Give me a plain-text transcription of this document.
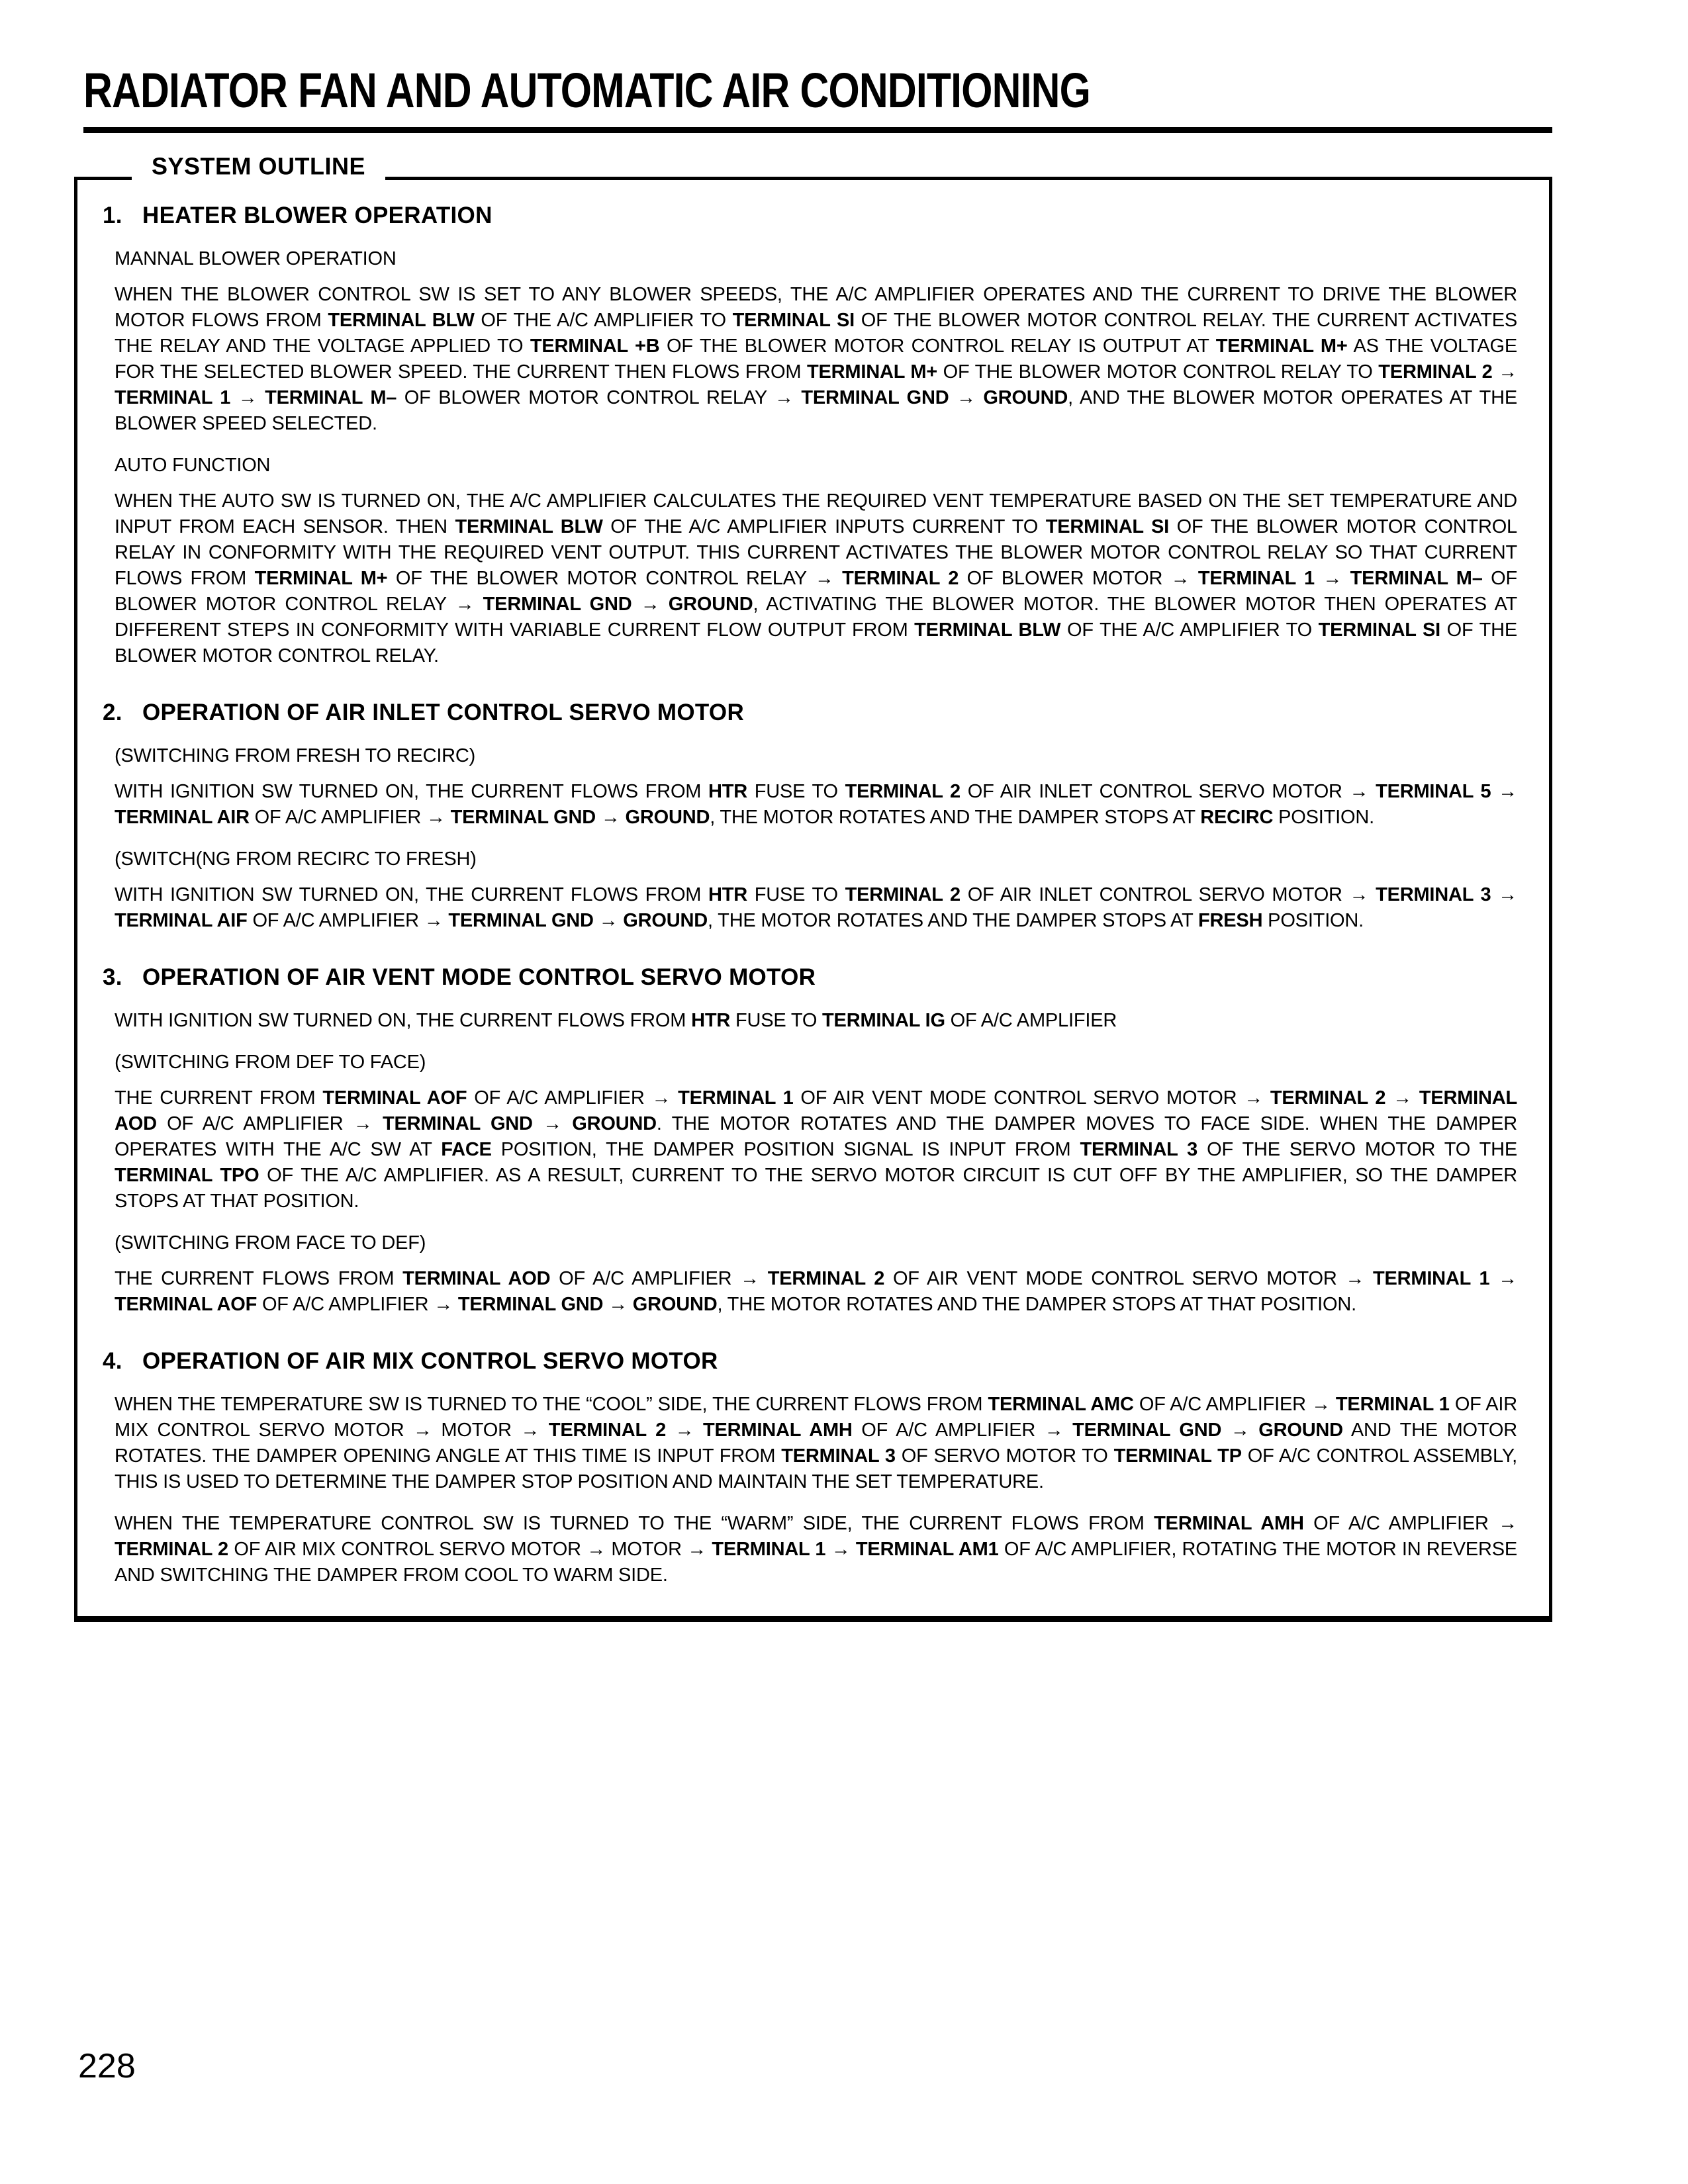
RADIATOR FAN AND AUTOMATIC AIR CONDITIONING
SYSTEM OUTLINE
1. HEATER BLOWER OPERATION

MANNAL BLOWER OPERATION

WHEN THE BLOWER CONTROL SW IS SET TO ANY BLOWER SPEEDS, THE A/C AMPLIFIER OPERATES AND THE CURRENT TO DRIVE THE BLOWER MOTOR FLOWS FROM TERMINAL BLW OF THE A/C AMPLIFIER TO TERMINAL SI OF THE BLOWER MOTOR CONTROL RELAY. THE CURRENT ACTIVATES THE RELAY AND THE VOLTAGE APPLIED TO TERMINAL +B OF THE BLOWER MOTOR CONTROL RELAY IS OUTPUT AT TERMINAL M+ AS THE VOLTAGE FOR THE SELECTED BLOWER SPEED. THE CURRENT THEN FLOWS FROM TERMINAL M+ OF THE BLOWER MOTOR CONTROL RELAY TO TERMINAL 2 → TERMINAL 1 → TERMINAL M– OF BLOWER MOTOR CONTROL RELAY → TERMINAL GND → GROUND, AND THE BLOWER MOTOR OPERATES AT THE BLOWER SPEED SELECTED.

AUTO FUNCTION

WHEN THE AUTO SW IS TURNED ON, THE A/C AMPLIFIER CALCULATES THE REQUIRED VENT TEMPERATURE BASED ON THE SET TEMPERATURE AND INPUT FROM EACH SENSOR. THEN TERMINAL BLW OF THE A/C AMPLIFIER INPUTS CURRENT TO TERMINAL SI OF THE BLOWER MOTOR CONTROL RELAY IN CONFORMITY WITH THE REQUIRED VENT OUTPUT. THIS CURRENT ACTIVATES THE BLOWER MOTOR CONTROL RELAY SO THAT CURRENT FLOWS FROM TERMINAL M+ OF THE BLOWER MOTOR CONTROL RELAY → TERMINAL 2 OF BLOWER MOTOR → TERMINAL 1 → TERMINAL M– OF BLOWER MOTOR CONTROL RELAY → TERMINAL GND → GROUND, ACTIVATING THE BLOWER MOTOR. THE BLOWER MOTOR THEN OPERATES AT DIFFERENT STEPS IN CONFORMITY WITH VARIABLE CURRENT FLOW OUTPUT FROM TERMINAL BLW OF THE A/C AMPLIFIER TO TERMINAL SI OF THE BLOWER MOTOR CONTROL RELAY.

2. OPERATION OF AIR INLET CONTROL SERVO MOTOR

(SWITCHING FROM FRESH TO RECIRC)

WITH IGNITION SW TURNED ON, THE CURRENT FLOWS FROM HTR FUSE TO TERMINAL 2 OF AIR INLET CONTROL SERVO MOTOR → TERMINAL 5 → TERMINAL AIR OF A/C AMPLIFIER → TERMINAL GND → GROUND, THE MOTOR ROTATES AND THE DAMPER STOPS AT RECIRC POSITION.

(SWITCH(NG FROM RECIRC TO FRESH)

WITH IGNITION SW TURNED ON, THE CURRENT FLOWS FROM HTR FUSE TO TERMINAL 2 OF AIR INLET CONTROL SERVO MOTOR → TERMINAL 3 → TERMINAL AIF OF A/C AMPLIFIER → TERMINAL GND → GROUND, THE MOTOR ROTATES AND THE DAMPER STOPS AT FRESH POSITION.

3. OPERATION OF AIR VENT MODE CONTROL SERVO MOTOR

WITH IGNITION SW TURNED ON, THE CURRENT FLOWS FROM HTR FUSE TO TERMINAL IG OF A/C AMPLIFIER

(SWITCHING FROM DEF TO FACE)

THE CURRENT FROM TERMINAL AOF OF A/C AMPLIFIER → TERMINAL 1 OF AIR VENT MODE CONTROL SERVO MOTOR → TERMINAL 2 → TERMINAL AOD OF A/C AMPLIFIER → TERMINAL GND → GROUND. THE MOTOR ROTATES AND THE DAMPER MOVES TO FACE SIDE. WHEN THE DAMPER OPERATES WITH THE A/C SW AT FACE POSITION, THE DAMPER POSITION SIGNAL IS INPUT FROM TERMINAL 3 OF THE SERVO MOTOR TO THE TERMINAL TPO OF THE A/C AMPLIFIER. AS A RESULT, CURRENT TO THE SERVO MOTOR CIRCUIT IS CUT OFF BY THE AMPLIFIER, SO THE DAMPER STOPS AT THAT POSITION.

(SWITCHING FROM FACE TO DEF)

THE CURRENT FLOWS FROM TERMINAL AOD OF A/C AMPLIFIER → TERMINAL 2 OF AIR VENT MODE CONTROL SERVO MOTOR → TERMINAL 1 → TERMINAL AOF OF A/C AMPLIFIER → TERMINAL GND → GROUND, THE MOTOR ROTATES AND THE DAMPER STOPS AT THAT POSITION.

4. OPERATION OF AIR MIX CONTROL SERVO MOTOR

WHEN THE TEMPERATURE SW IS TURNED TO THE “COOL” SIDE, THE CURRENT FLOWS FROM TERMINAL AMC OF A/C AMPLIFIER → TERMINAL 1 OF AIR MIX CONTROL SERVO MOTOR → MOTOR → TERMINAL 2 → TERMINAL AMH OF A/C AMPLIFIER → TERMINAL GND → GROUND AND THE MOTOR ROTATES. THE DAMPER OPENING ANGLE AT THIS TIME IS INPUT FROM TERMINAL 3 OF SERVO MOTOR TO TERMINAL TP OF A/C CONTROL ASSEMBLY, THIS IS USED TO DETERMINE THE DAMPER STOP POSITION AND MAINTAIN THE SET TEMPERATURE.

WHEN THE TEMPERATURE CONTROL SW IS TURNED TO THE “WARM” SIDE, THE CURRENT FLOWS FROM TERMINAL AMH OF A/C AMPLIFIER → TERMINAL 2 OF AIR MIX CONTROL SERVO MOTOR → MOTOR → TERMINAL 1 → TERMINAL AM1 OF A/C AMPLIFIER, ROTATING THE MOTOR IN REVERSE AND SWITCHING THE DAMPER FROM COOL TO WARM SIDE.

228
